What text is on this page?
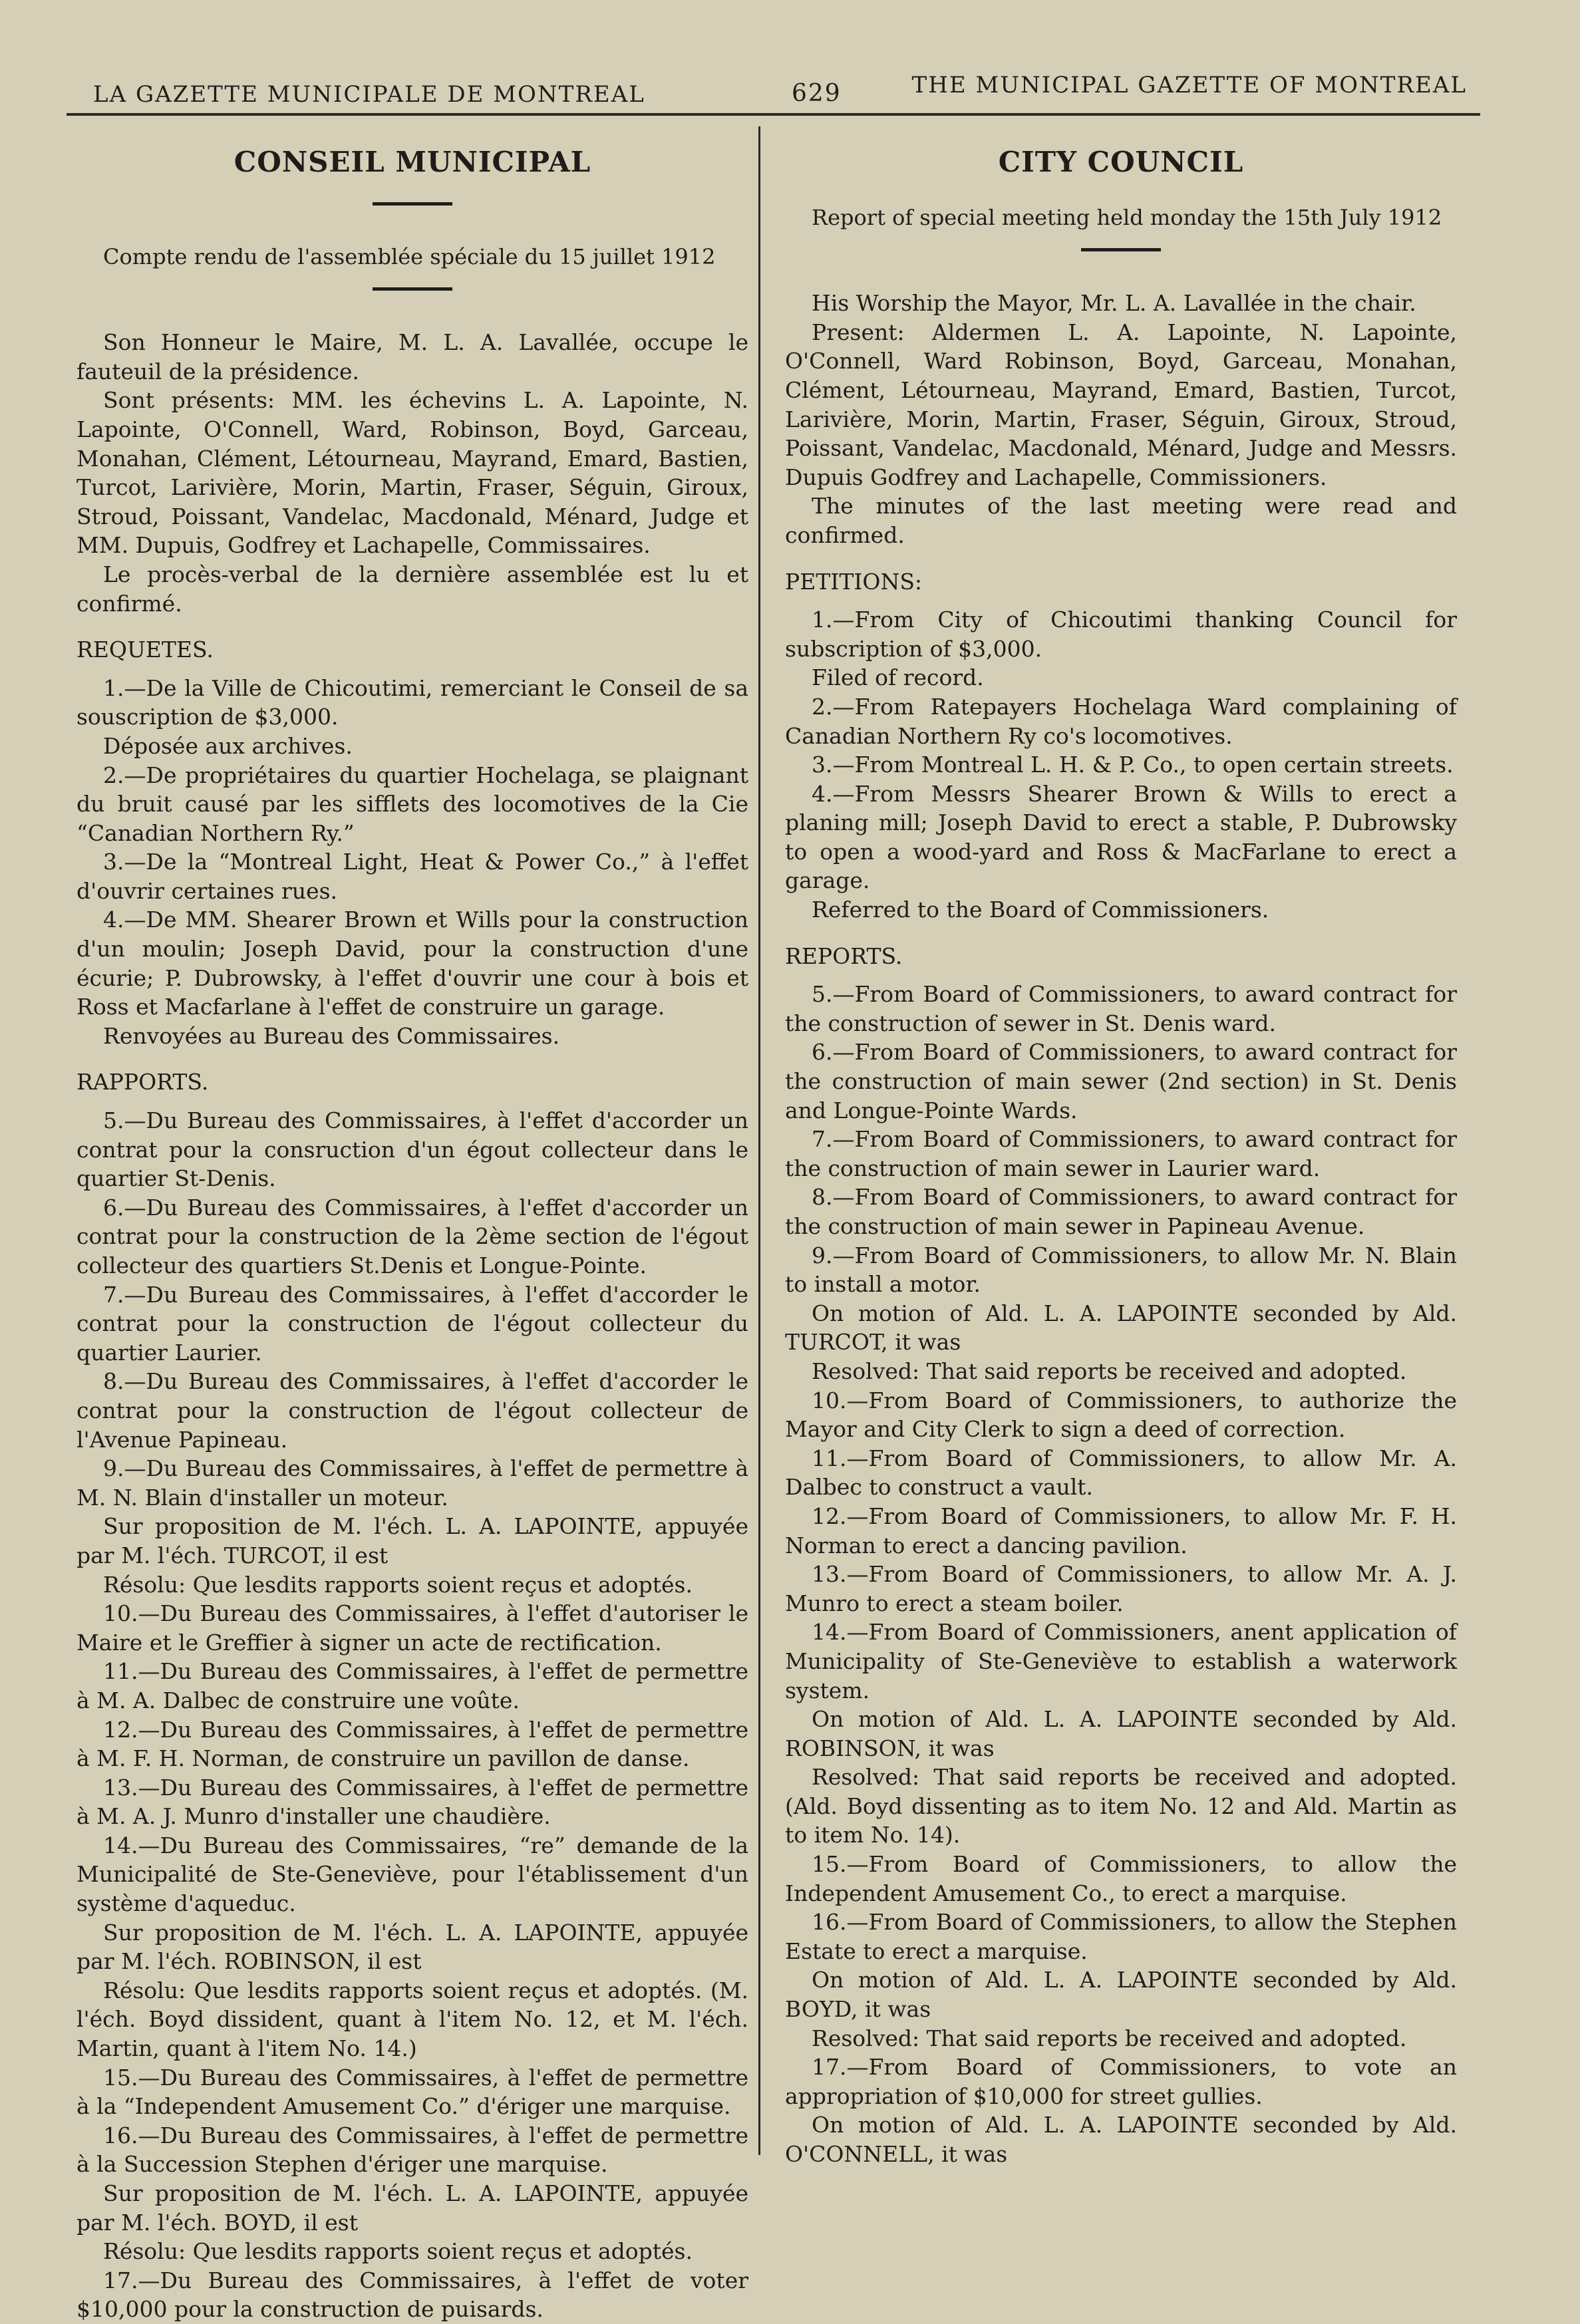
LA GAZETTE MUNICIPALE DE MONTREAL	629	THE MUNICIPAL GAZETTE OF MONTREAL
CONSEIL MUNICIPAL

Compte rendu de l'assemblée spéciale du 15 juillet 1912

Son Honneur le Maire, M. L. A. Lavallée, occupe le fauteuil de la présidence.

Sont présents: MM. les échevins L. A. Lapointe, N. Lapointe, O'Connell, Ward, Robinson, Boyd, Garceau, Monahan, Clément, Létourneau, Mayrand, Emard, Bastien, Turcot, Larivière, Morin, Martin, Fraser, Séguin, Giroux, Stroud, Poissant, Vandelac, Macdonald, Ménard, Judge et MM. Dupuis, Godfrey et Lachapelle, Commissaires.

Le procès-verbal de la dernière assemblée est lu et confirmé.

REQUETES.

1.—De la Ville de Chicoutimi, remerciant le Conseil de sa souscription de $3,000.

Déposée aux archives.

2.—De propriétaires du quartier Hochelaga, se plaignant du bruit causé par les sifflets des locomotives de la Cie “Canadian Northern Ry.”

3.—De la “Montreal Light, Heat & Power Co.,” à l'effet d'ouvrir certaines rues.

4.—De MM. Shearer Brown et Wills pour la construction d'un moulin; Joseph David, pour la construction d'une écurie; P. Dubrowsky, à l'effet d'ouvrir une cour à bois et Ross et Macfarlane à l'effet de construire un garage.

Renvoyées au Bureau des Commissaires.

RAPPORTS.

5.—Du Bureau des Commissaires, à l'effet d'accorder un contrat pour la consruction d'un égout collecteur dans le quartier St-Denis.

6.—Du Bureau des Commissaires, à l'effet d'accorder un contrat pour la construction de la 2ème section de l'égout collecteur des quartiers St.Denis et Longue-Pointe.

7.—Du Bureau des Commissaires, à l'effet d'accorder le contrat pour la construction de l'égout collecteur du quartier Laurier.

8.—Du Bureau des Commissaires, à l'effet d'accorder le contrat pour la construction de l'égout collecteur de l'Avenue Papineau.

9.—Du Bureau des Commissaires, à l'effet de permettre à M. N. Blain d'installer un moteur.

Sur proposition de M. l'éch. L. A. LAPOINTE, appuyée par M. l'éch. TURCOT, il est

Résolu: Que lesdits rapports soient reçus et adoptés.

10.—Du Bureau des Commissaires, à l'effet d'autoriser le Maire et le Greffier à signer un acte de rectification.

11.—Du Bureau des Commissaires, à l'effet de permettre à M. A. Dalbec de construire une voûte.

12.—Du Bureau des Commissaires, à l'effet de permettre à M. F. H. Norman, de construire un pavillon de danse.

13.—Du Bureau des Commissaires, à l'effet de permettre à M. A. J. Munro d'installer une chaudière.

14.—Du Bureau des Commissaires, “re” demande de la Municipalité de Ste-Geneviève, pour l'établissement d'un système d'aqueduc.

Sur proposition de M. l'éch. L. A. LAPOINTE, appuyée par M. l'éch. ROBINSON, il est

Résolu: Que lesdits rapports soient reçus et adoptés. (M. l'éch. Boyd dissident, quant à l'item No. 12, et M. l'éch. Martin, quant à l'item No. 14.)

15.—Du Bureau des Commissaires, à l'effet de permettre à la “Independent Amusement Co.” d'ériger une marquise.

16.—Du Bureau des Commissaires, à l'effet de permettre à la Succession Stephen d'ériger une marquise.

Sur proposition de M. l'éch. L. A. LAPOINTE, appuyée par M. l'éch. BOYD, il est

Résolu: Que lesdits rapports soient reçus et adoptés.

17.—Du Bureau des Commissaires, à l'effet de voter $10,000 pour la construction de puisards.

CITY COUNCIL

Report of special meeting held monday the 15th July 1912

His Worship the Mayor, Mr. L. A. Lavallée in the chair.

Present: Aldermen L. A. Lapointe, N. Lapointe, O'Connell, Ward Robinson, Boyd, Garceau, Monahan, Clément, Létourneau, Mayrand, Emard, Bastien, Turcot, Larivière, Morin, Martin, Fraser, Séguin, Giroux, Stroud, Poissant, Vandelac, Macdonald, Ménard, Judge and Messrs. Dupuis Godfrey and Lachapelle, Commissioners.

The minutes of the last meeting were read and confirmed.

PETITIONS:

1.—From City of Chicoutimi thanking Council for subscription of $3,000.

Filed of record.

2.—From Ratepayers Hochelaga Ward complaining of Canadian Northern Ry co's locomotives.

3.—From Montreal L. H. & P. Co., to open certain streets.

4.—From Messrs Shearer Brown & Wills to erect a planing mill; Joseph David to erect a stable, P. Dubrowsky to open a wood-yard and Ross & MacFarlane to erect a garage.

Referred to the Board of Commissioners.

REPORTS.

5.—From Board of Commissioners, to award contract for the construction of sewer in St. Denis ward.

6.—From Board of Commissioners, to award contract for the construction of main sewer (2nd section) in St. Denis and Longue-Pointe Wards.

7.—From Board of Commissioners, to award contract for the construction of main sewer in Laurier ward.

8.—From Board of Commissioners, to award contract for the construction of main sewer in Papineau Avenue.

9.—From Board of Commissioners, to allow Mr. N. Blain to install a motor.

On motion of Ald. L. A. LAPOINTE seconded by Ald. TURCOT, it was

Resolved: That said reports be received and adopted.

10.—From Board of Commissioners, to authorize the Mayor and City Clerk to sign a deed of correction.

11.—From Board of Commissioners, to allow Mr. A. Dalbec to construct a vault.

12.—From Board of Commissioners, to allow Mr. F. H. Norman to erect a dancing pavilion.

13.—From Board of Commissioners, to allow Mr. A. J. Munro to erect a steam boiler.

14.—From Board of Commissioners, anent application of Municipality of Ste-Geneviève to establish a waterwork system.

On motion of Ald. L. A. LAPOINTE seconded by Ald. ROBINSON, it was

Resolved: That said reports be received and adopted. (Ald. Boyd dissenting as to item No. 12 and Ald. Martin as to item No. 14).

15.—From Board of Commissioners, to allow the Independent Amusement Co., to erect a marquise.

16.—From Board of Commissioners, to allow the Stephen Estate to erect a marquise.

On motion of Ald. L. A. LAPOINTE seconded by Ald. BOYD, it was

Resolved: That said reports be received and adopted.

17.—From Board of Commissioners, to vote an appropriation of $10,000 for street gullies.

On motion of Ald. L. A. LAPOINTE seconded by Ald. O'CONNELL, it was
